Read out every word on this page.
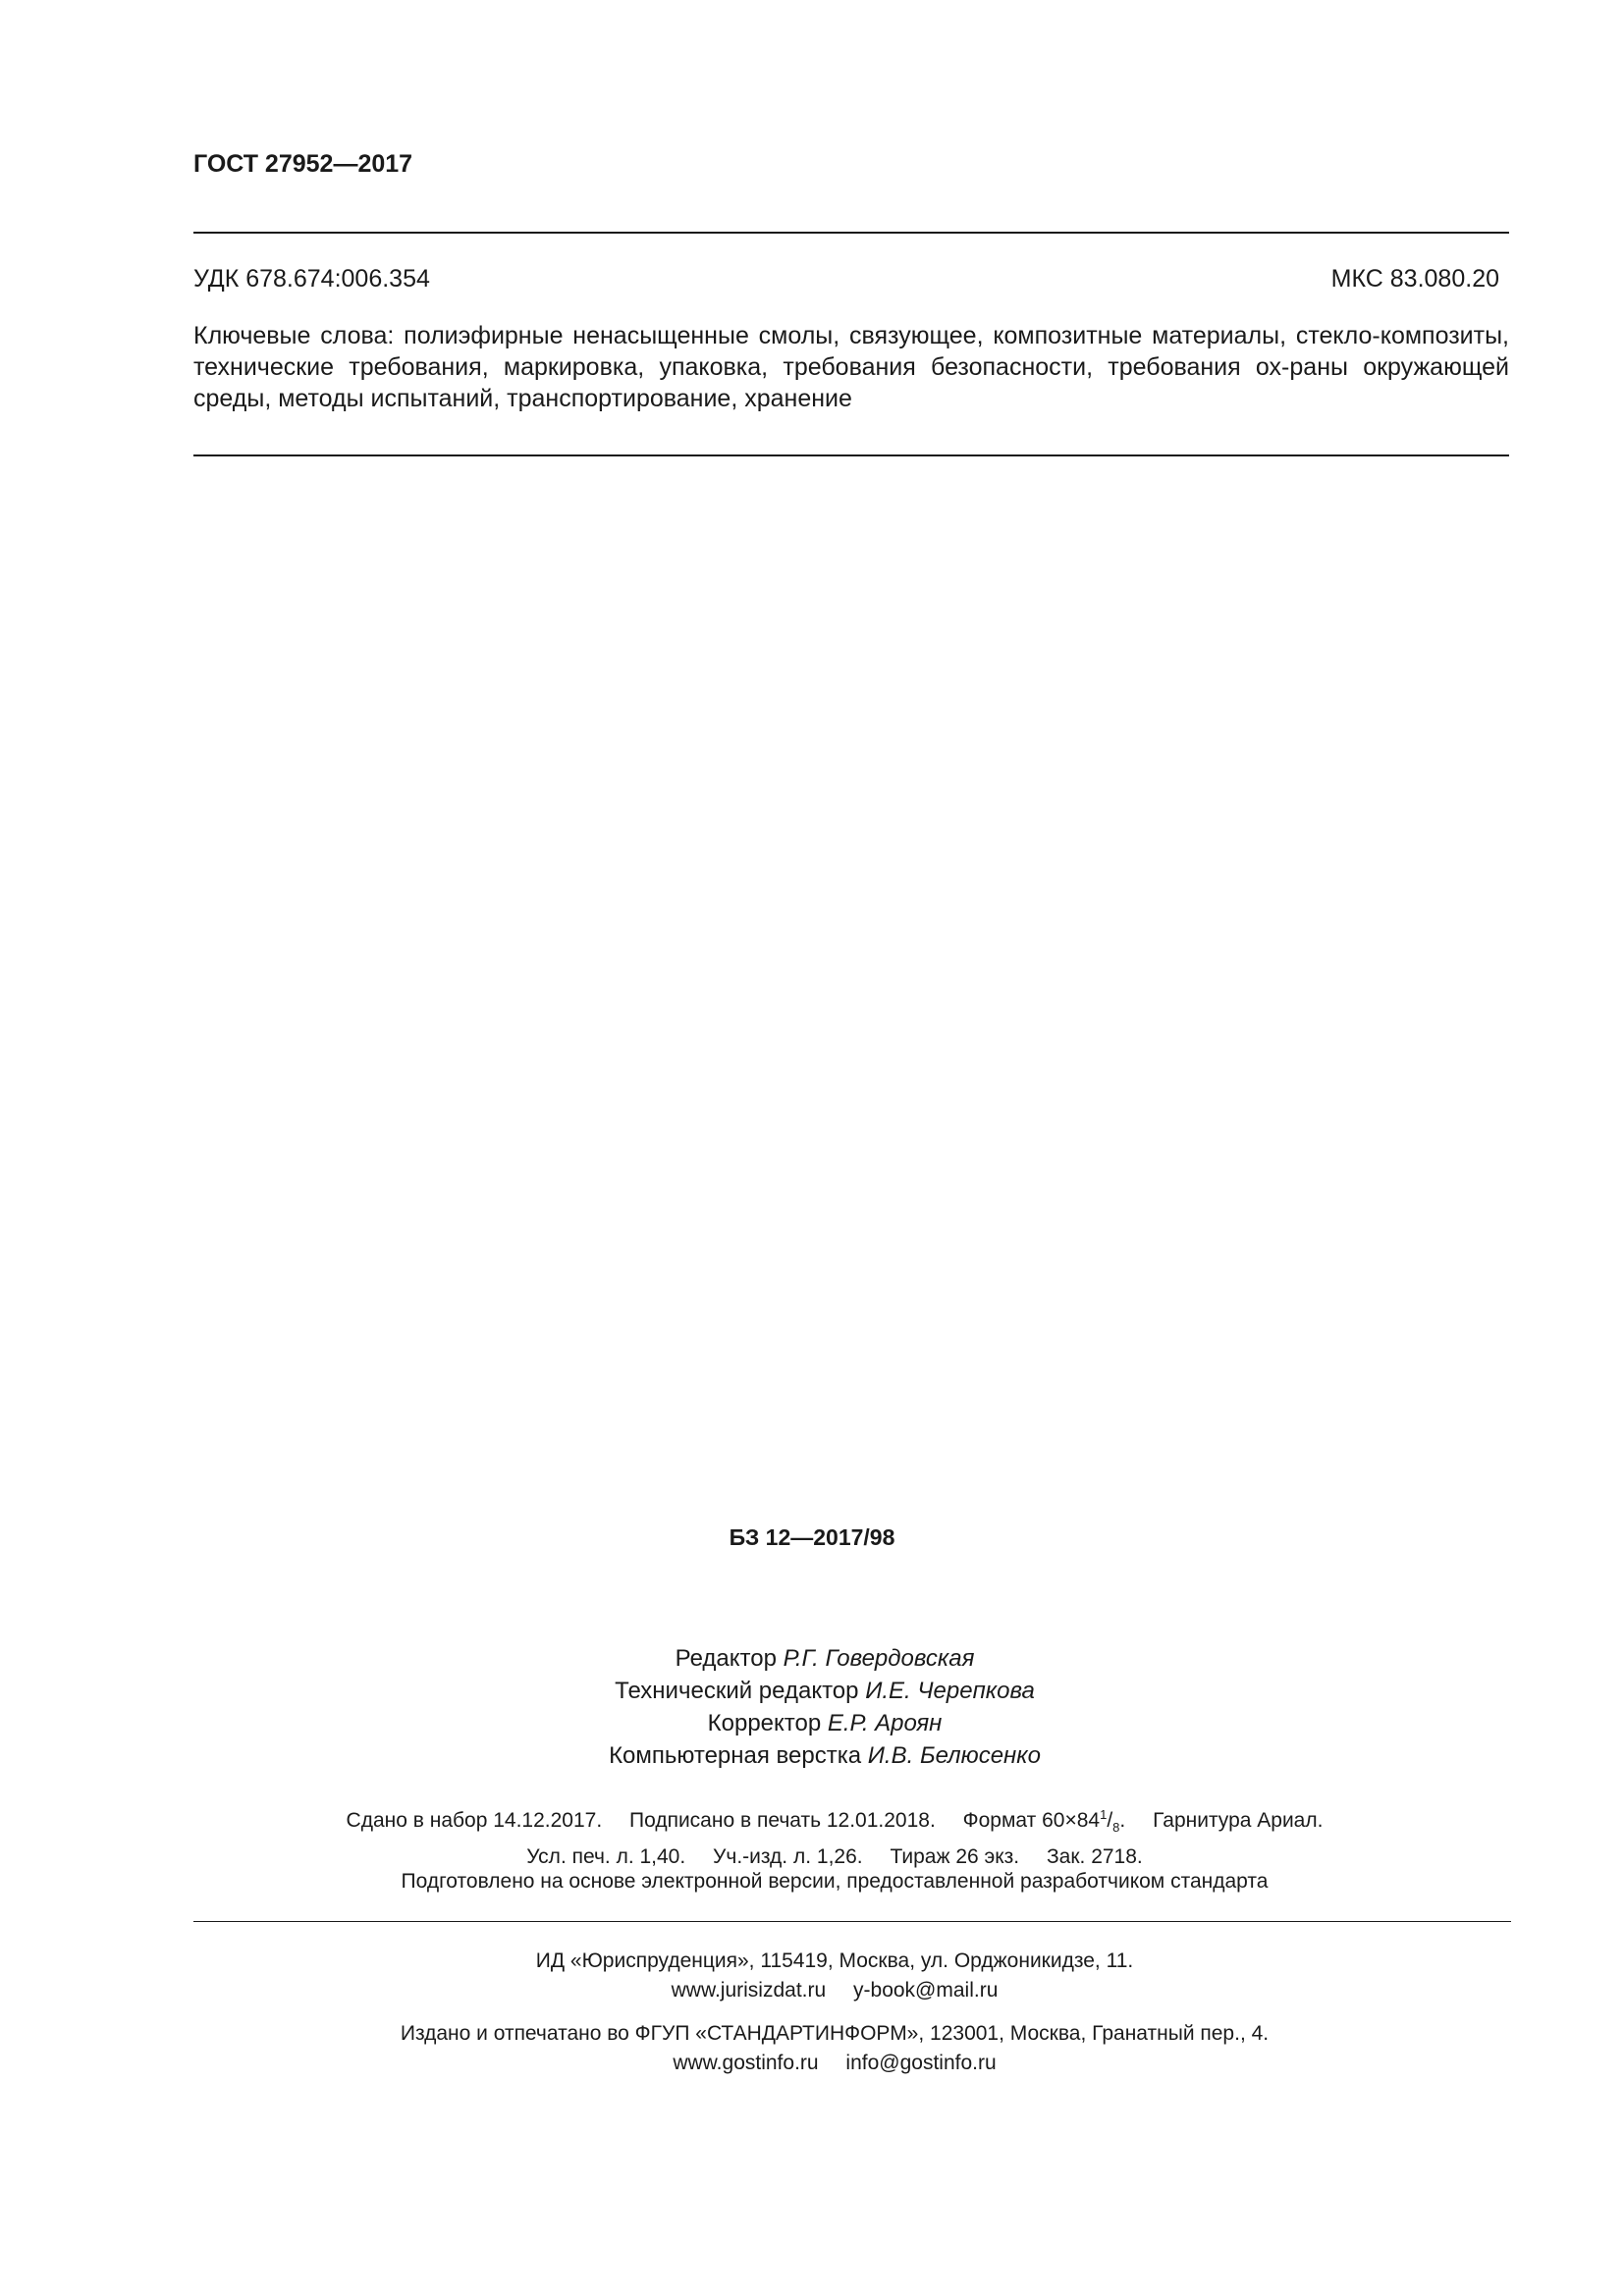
ГОСТ 27952—2017
УДК 678.674:006.354	МКС 83.080.20
Ключевые слова: полиэфирные ненасыщенные смолы, связующее, композитные материалы, стекло-композиты, технические требования, маркировка, упаковка, требования безопасности, требования ох-раны окружающей среды, методы испытаний, транспортирование, хранение
БЗ 12—2017/98
Редактор Р.Г. Говердовская
Технический редактор И.Е. Черепкова
Корректор Е.Р. Ароян
Компьютерная верстка И.В. Белюсенко
Сдано в набор 14.12.2017. Подписано в печать 12.01.2018. Формат $60\times 84^1/_8$. Гарнитура Ариал.
Усл. печ. л. 1,40. Уч.-изд. л. 1,26. Тираж 26 экз. Зак. 2718.
Подготовлено на основе электронной версии, предоставленной разработчиком стандарта
ИД «Юриспруденция», 115419, Москва, ул. Орджоникидзе, 11.
www.jurisizdat.ru y-book@mail.ru
Издано и отпечатано во ФГУП «СТАНДАРТИНФОРМ», 123001, Москва, Гранатный пер., 4.
www.gostinfo.ru info@gostinfo.ru
